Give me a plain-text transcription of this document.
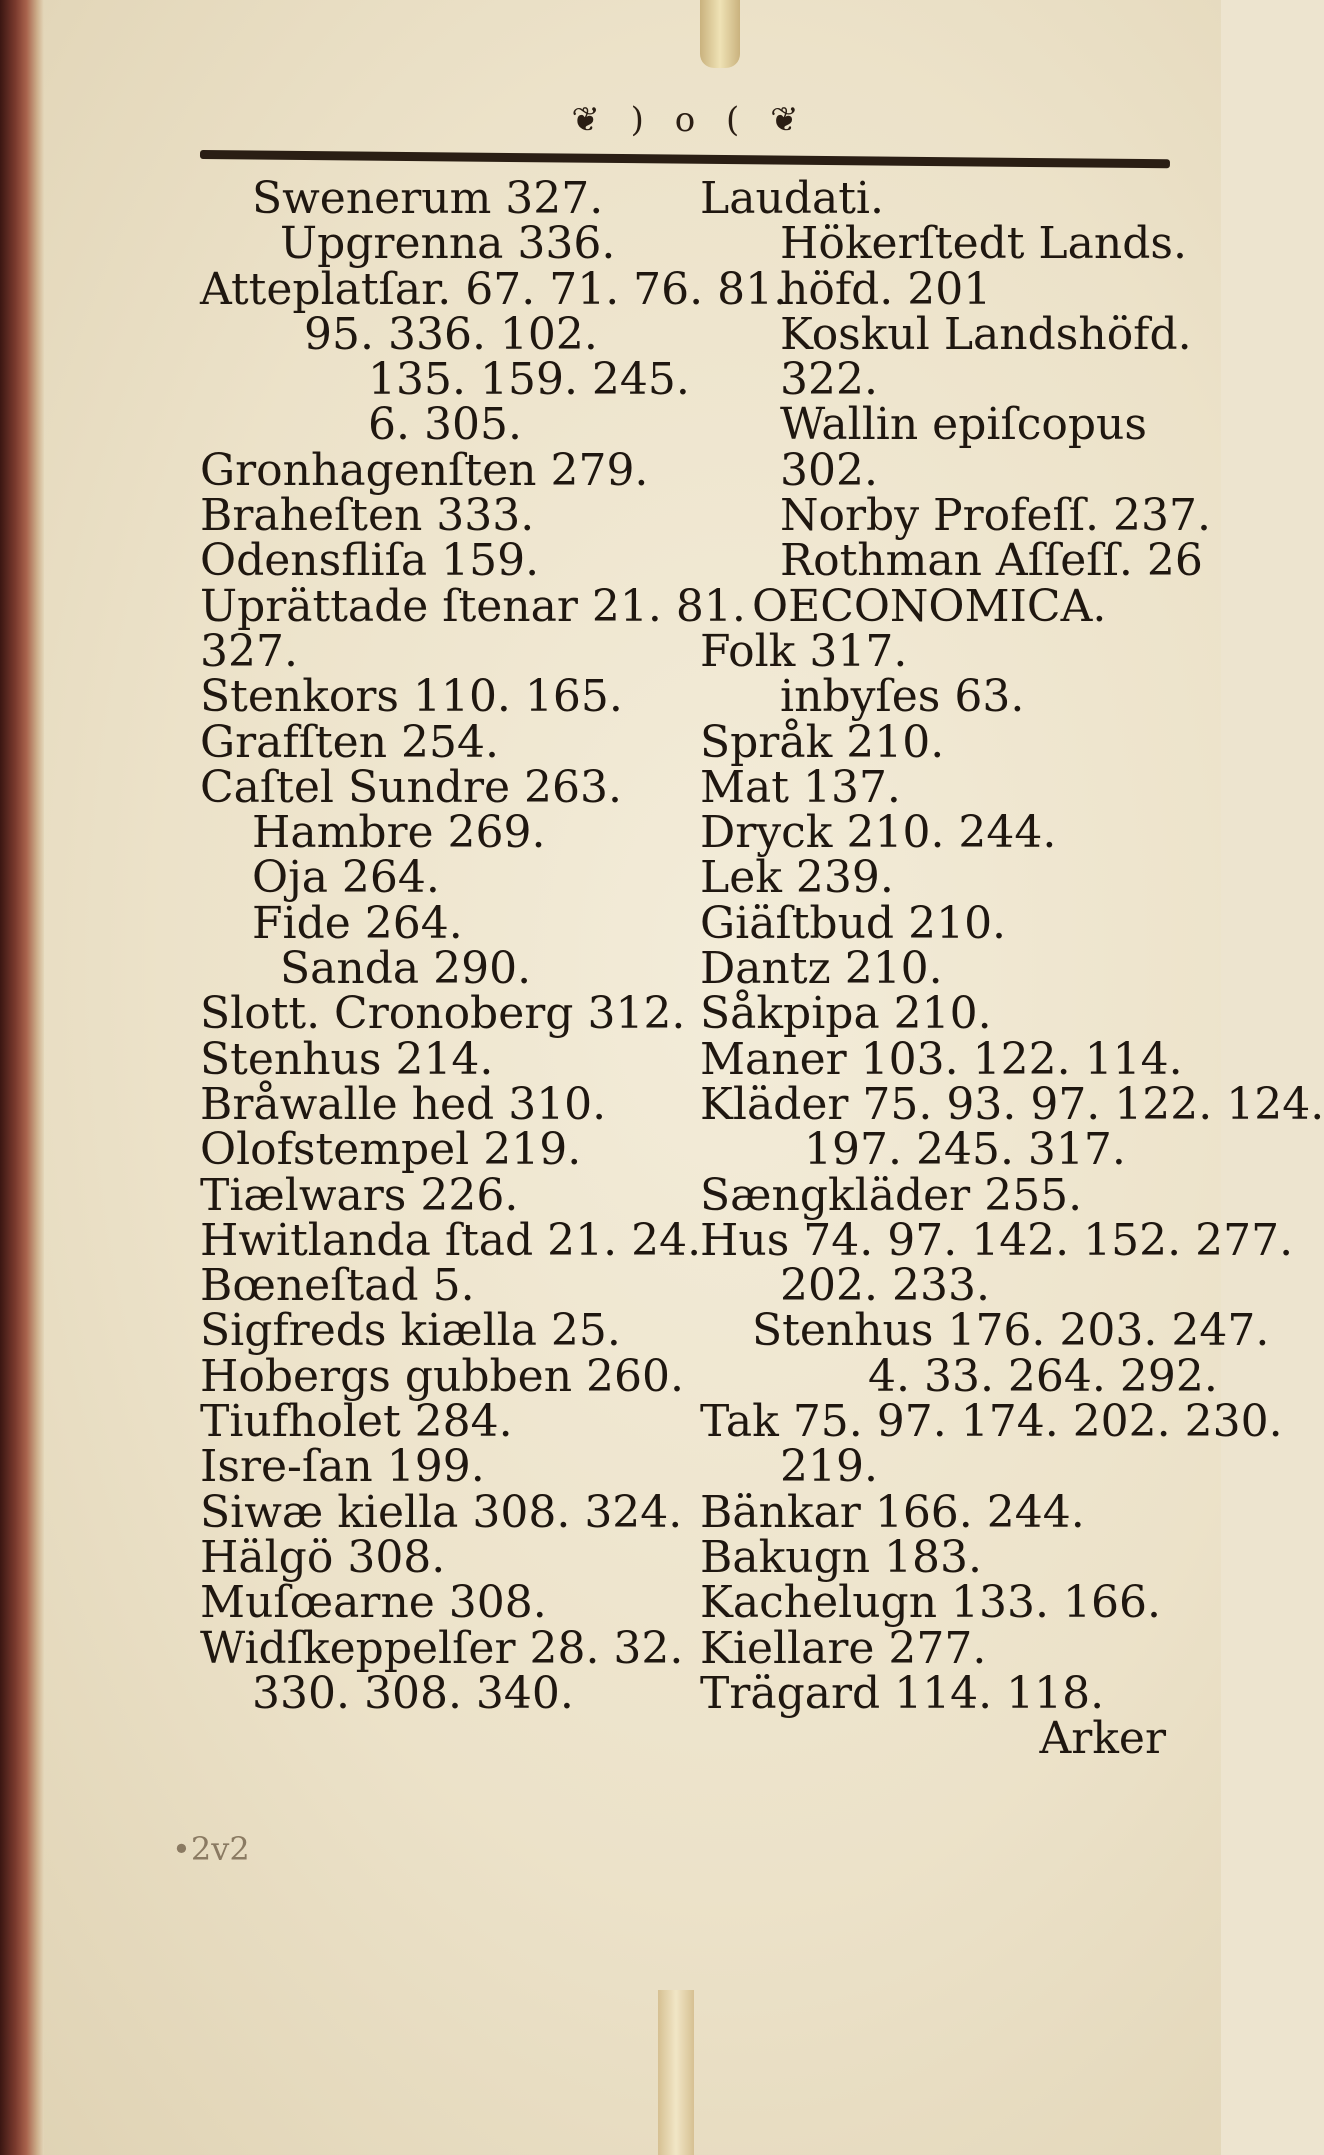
❦ ) o ( ❦
Swenerum 327.
Upgrenna 336.
Atteplatſar. 67. 71. 76. 81.
95. 336. 102.
135. 159. 245.
6. 305.
Gronhagenſten 279.
Braheſten 333.
Odensfliſa 159.
Uprättade ſtenar 21. 81.
327.
Stenkors 110. 165.
Grafſten 254.
Caſtel Sundre 263.
Hambre 269.
Oja 264.
Fide 264.
Sanda 290.
Slott. Cronoberg 312.
Stenhus 214.
Bråwalle hed 310.
Olofstempel 219.
Tiælwars 226.
Hwitlanda ſtad 21. 24.
Bœneſtad 5.
Sigfreds kiælla 25.
Hobergs gubben 260.
Tiufholet 284.
Isre-ſan 199.
Siwæ kiella 308. 324.
Hälgö 308.
Muſœarne 308.
Widſkeppelſer 28. 32.
330. 308. 340.
Laudati.
Hökerſtedt Lands.
höfd. 201
Koskul Landshöfd.
322.
Wallin epiſcopus
302.
Norby Profeſſ. 237.
Rothman Aſſeſſ. 26
OECONOMICA.
Folk 317.
inbyſes 63.
Språk 210.
Mat 137.
Dryck 210. 244.
Lek 239.
Giäſtbud 210.
Dantz 210.
Såkpipa 210.
Maner 103. 122. 114.
Kläder 75. 93. 97. 122. 124.
197. 245. 317.
Sængkläder 255.
Hus 74. 97. 142. 152. 277.
202. 233.
Stenhus 176. 203. 247.
4. 33. 264. 292.
Tak 75. 97. 174. 202. 230.
219.
Bänkar 166. 244.
Bakugn 183.
Kachelugn 133. 166.
Kiellare 277.
Trägard 114. 118.
Arker
•2v2
